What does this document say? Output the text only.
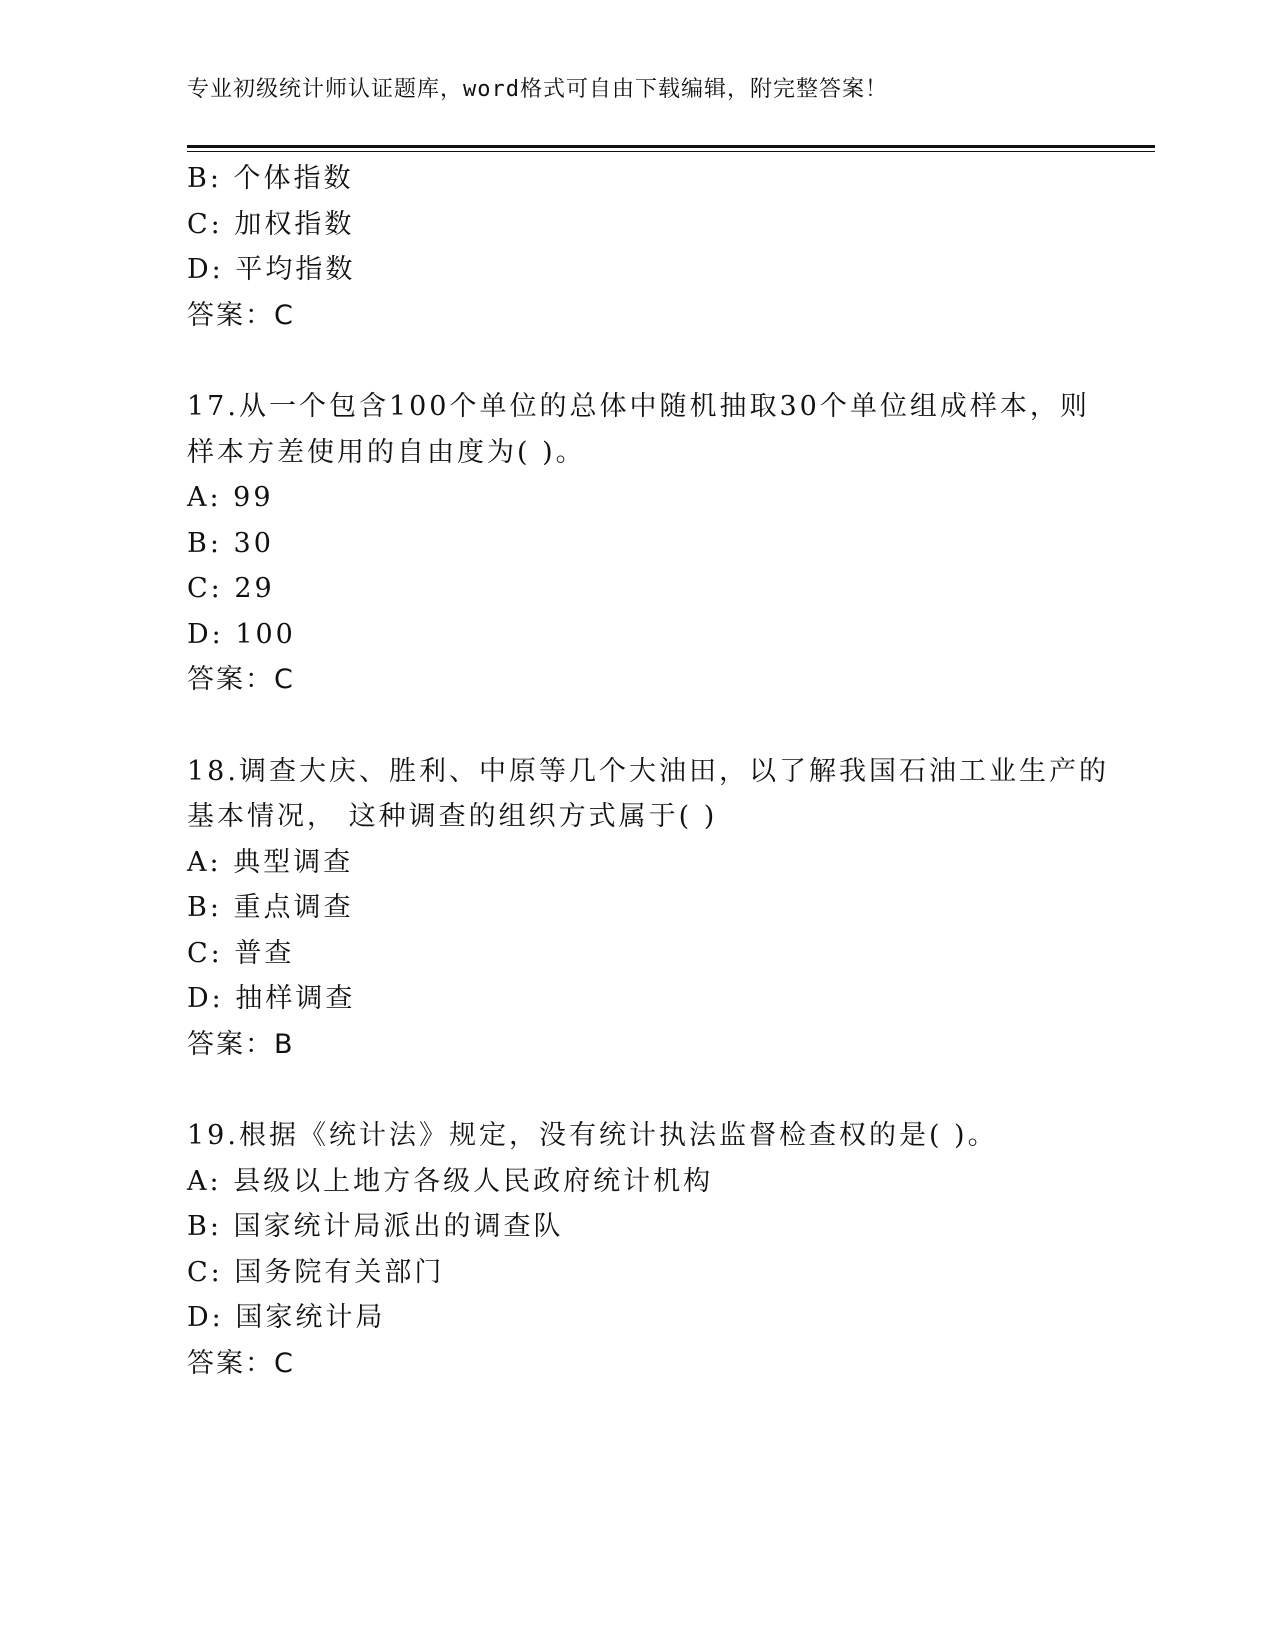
专业初级统计师认证题库，word格式可自由下载编辑，附完整答案！
B: 个体指数
C: 加权指数
D: 平均指数
答案：C
17.从一个包含100个单位的总体中随机抽取30个单位组成样本，则
样本方差使用的自由度为( )。
A: 99
B: 30
C: 29
D: 100
答案：C
18.调查大庆、胜利、中原等几个大油田，以了解我国石油工业生产的
基本情况， 这种调查的组织方式属于( )
A: 典型调查
B: 重点调查
C: 普查
D: 抽样调查
答案：B
19.根据《统计法》规定，没有统计执法监督检查权的是( )。
A: 县级以上地方各级人民政府统计机构
B: 国家统计局派出的调查队
C: 国务院有关部门
D: 国家统计局
答案：C
